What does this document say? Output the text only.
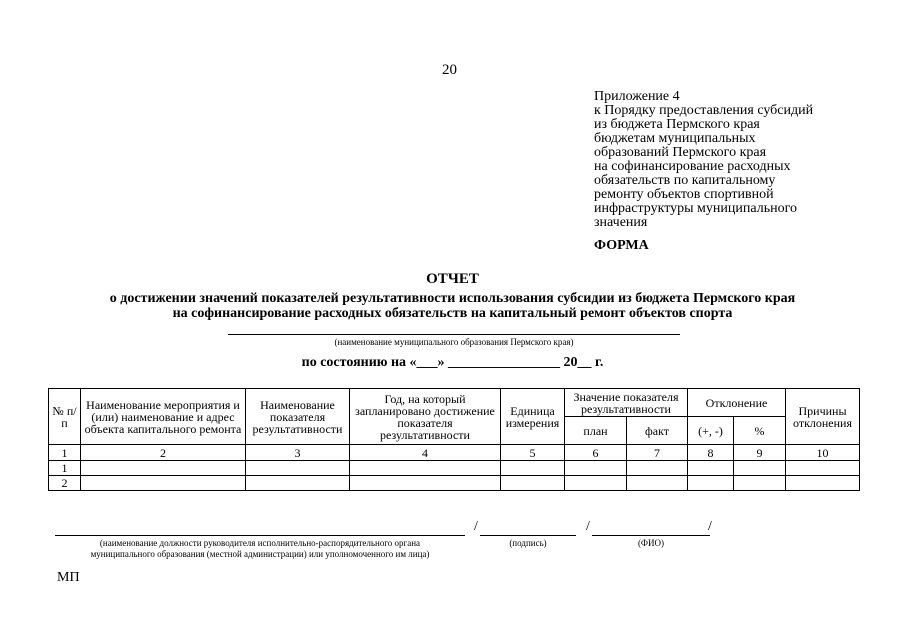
20
Приложение 4
к Порядку предоставления субсидий
из бюджета Пермского края
бюджетам муниципальных
образований Пермского края
на софинансирование расходных
обязательств по капитальному
ремонту объектов спортивной
инфраструктуры муниципального
значения
ФОРМА
ОТЧЕТ
о достижении значений показателей результативности использования субсидии из бюджета Пермского края
на софинансирование расходных обязательств на капитальный ремонт объектов спорта
(наименование муниципального образования Пермского края)
по состоянию на «___» ________________ 20__ г.
№ п/п	Наименование мероприятия и (или) наименование и адрес объекта капитального ремонта	Наименование показателя результативности	Год, на который запланировано достижение показателя результативности	Единица измерения	Значение показателя результативности		Отклонение		Причины отклонения
					план	факт	(+, -)	%	
1	2	3	4	5	6	7	8	9	10
1									
2									
/	/	/
(наименование должности руководителя исполнительно-распорядительного органа
муниципального образования (местной администрации) или уполномоченного им лица)
(подпись)	(ФИО)
МП
